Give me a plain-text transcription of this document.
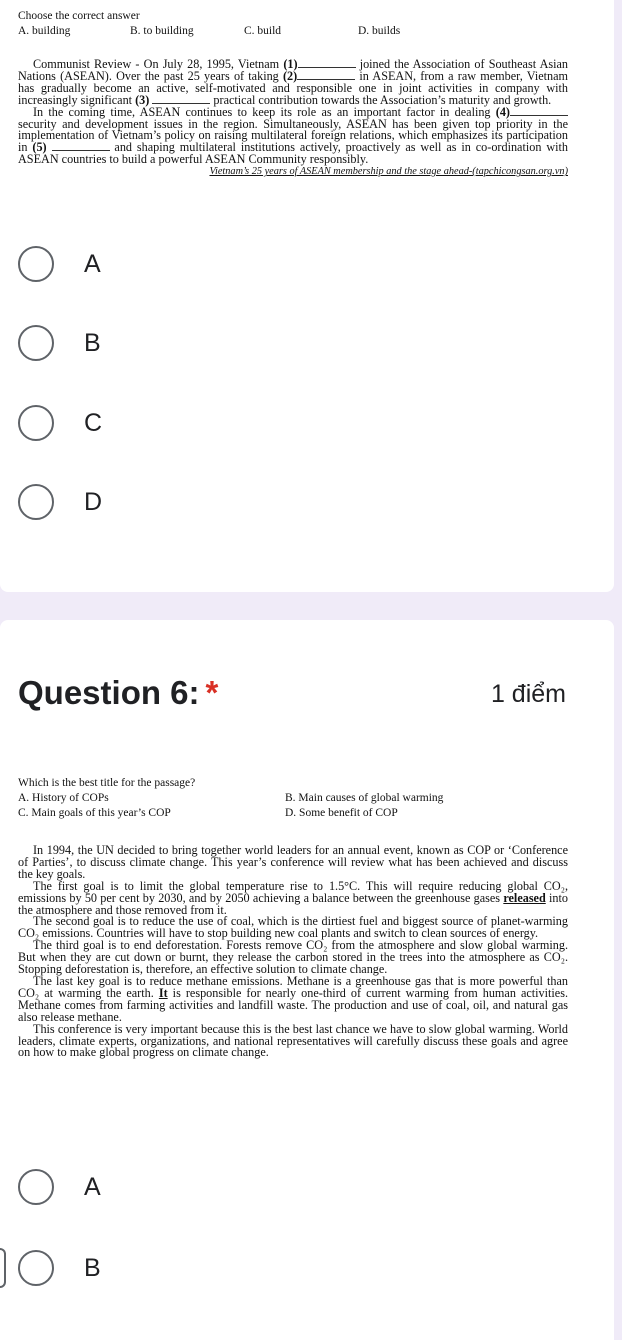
Choose the correct answer
A. building	B. to building	C. build	D. builds

Communist Review - On July 28, 1995, Vietnam (1)	joined the Association of Southeast Asian Nations (ASEAN). Over the past 25 years of taking (2)	in ASEAN, from a raw member, Vietnam has gradually become an active, self-motivated and responsible one in joint activities in company with increasingly significant (3)	practical contribution towards the Association’s maturity and growth.

In the coming time, ASEAN continues to keep its role as an important factor in dealing (4) security and development issues in the region. Simultaneously, ASEAN has been given top priority in the implementation of Vietnam’s policy on raising multilateral foreign relations, which emphasizes its participation in (5)	and shaping multilateral institutions actively, proactively as well as in co-ordination with ASEAN countries to build a powerful ASEAN Community responsibly.

Vietnam’s 25 years of ASEAN membership and the stage ahead-(tapchicongsan.org.vn)

A
B
C
D
Question 6: *	1 điểm
Which is the best title for the passage?
A. History of COPs	B. Main causes of global warming
C. Main goals of this year’s COP	D. Some benefit of COP

In 1994, the UN decided to bring together world leaders for an annual event, known as COP or ‘Conference of Parties’, to discuss climate change. This year’s conference will review what has been achieved and discuss the key goals.

The first goal is to limit the global temperature rise to 1.5°C. This will require reducing global CO₂, emissions by 50 per cent by 2030, and by 2050 achieving a balance between the greenhouse gases released into the atmosphere and those removed from it.

The second goal is to reduce the use of coal, which is the dirtiest fuel and biggest source of planet-warming CO₂ emissions. Countries will have to stop building new coal plants and switch to clean sources of energy.

The third goal is to end deforestation. Forests remove CO₂ from the atmosphere and slow global warming. But when they are cut down or burnt, they release the carbon stored in the trees into the atmosphere as CO₂. Stopping deforestation is, therefore, an effective solution to climate change.

The last key goal is to reduce methane emissions. Methane is a greenhouse gas that is more powerful than CO₂ at warming the earth. It is responsible for nearly one-third of current warming from human activities. Methane comes from farming activities and landfill waste. The production and use of coal, oil, and natural gas also release methane.

This conference is very important because this is the best last chance we have to slow global warming. World leaders, climate experts, organizations, and national representatives will carefully discuss these goals and agree on how to make global progress on climate change.

A
B
